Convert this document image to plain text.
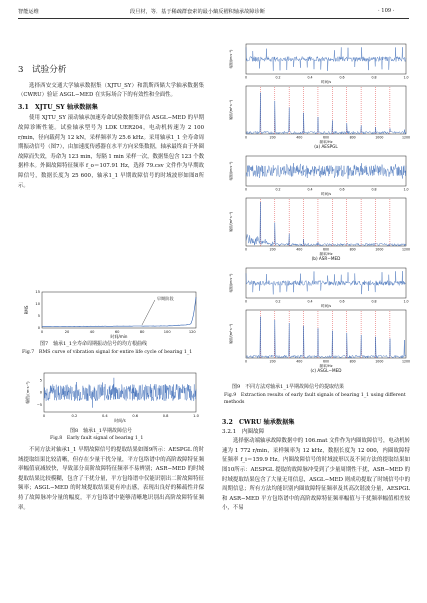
智能运维	段旦材，等．基于稀疏群套索的最小熵反褶积轴承故障诊断	· 109 ·
3　试验分析

选择西安交通大学轴承数据集（XJTU_SY）和凯斯西储大学轴承数据集（CWRU）验证 ASGL−MED 在实际场合下的有效性和全面性。

3.1　XJTU_SY 轴承数据集

使用 XJTU_SY 滚动轴承加速寿命试验数据集评估 ASGL−MED 的早期故障诊断性能。试验轴承型号为 LDK UER204，电动机转速为 2 100 r/min，径向载荷为 12 kN，采样频率为 25.6 kHz。采用轴承1_1 全寿命周期振动信号（图7），由加速度传感器在水平方向采集数据，轴承最终由于外圈故障而失效，寿命为 123 min，每隔 1 min 采样一次，数据集包含 123 个数据样本。外圈故障特征频率 f_o＝107.91 Hz，选择 79.csv 文件作为早期故障信号，数据长度为 25 600，轴承1_1 早期故障信号的时域波形如图8所示。

0	20	40	60	80	100	120
0
5
10
15
时间/min
RMS
早期阶段
图7　轴承1_1全寿命周期振动信号的均方根曲线
Fig.7　RMS curve of vibration signal for entire life cycle of bearing 1_1
0	0.2	0.4	0.6	0.8	1.0
−5
0
5
时间/s
幅值/(m·s⁻²)
图8　轴承1_1早期故障信号
Fig.8　Early fault signal of bearing 1_1

不同方法对轴承1_1 早期故障信号的提取结果如图9所示：AESPGL 的时域提取结果比较清晰，但存在少量干扰分量，平方包络谱中的高阶故障特征频率幅值衰减较快，导致部分高阶故障特征频率不易辨别；ASR−MED 的时域提取结果比较模糊，包含了干扰分量，平方包络谱中仅能识别出二阶故障特征频率；ASGL−MED 的时域提取结果更有冲击感，表现出良好的稀疏性并保持了故障脉冲分量的幅度，平方包络谱中能够清晰地识别出高阶故障特征频率。

0	0.2	0.4	0.6	0.8	1.0
时间/s
幅值/(m·s⁻²)
0	200	400	600	800	1000	1200
频率/Hz
幅值/(m²·s⁻⁴)
(a) AESPGL
0	0.2	0.4	0.6	0.8	1.0
时间/s
幅值/(m·s⁻²)
0	200	400	600	800	1000	1200
频率/Hz
幅值/(m²·s⁻⁴)
(b) ASR−MED
0	0.2	0.4	0.6	0.8	1.0
时间/s
幅值/(m·s⁻²)
0	200	400	600	800	1000	1200
频率/Hz
幅值/(m²·s⁻⁴)
(c) ASGL−MED
图9　不同方法对轴承1_1早期故障信号的提取结果
Fig.9　Extraction results of early fault signals of bearing 1_1 using different methods
3.2　CWRU 轴承数据集
3.2.1　内圈故障

选择驱动端轴承故障数据中的 106.mat 文件作为内圈故障信号，电动机转速为 1 772 r/min，采样频率为 12 kHz，数据长度为 12 000，内圈故障特征频率 f_i＝159.9 Hz。内圈故障信号的时域波形以及不同方法的提取结果如图10所示：AESPGL 提取的故障脉冲受到了少量周期性干扰，ASR−MED 的时域提取结果包含了大量无用信息，ASGL−MED 则成功提取了时域信号中的周期信息；所有方法均能识别内圈故障特征频率及其高次谐波分量，AESPGL 和 ASR−MED 平方包络谱中的高阶故障特征频率幅值与干扰频率幅值相差较小，不易
